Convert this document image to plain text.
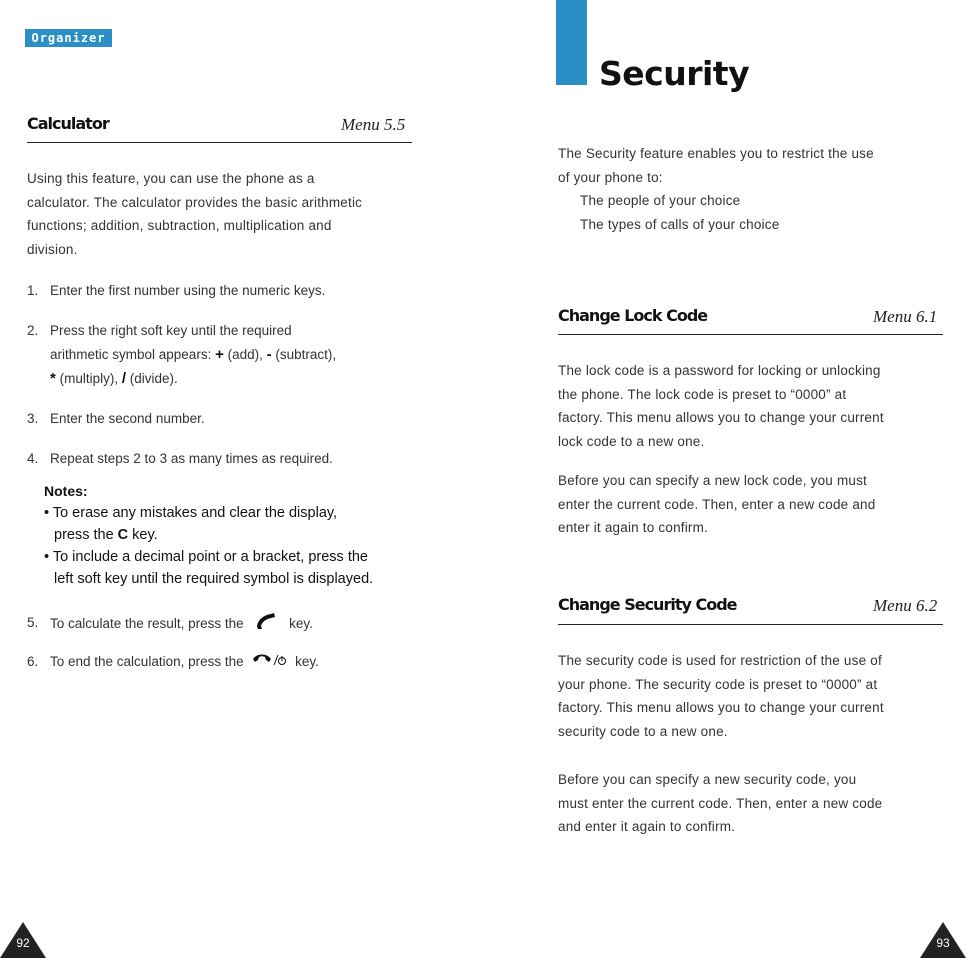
Organizer
Calculator	Menu 5.5
Using this feature, you can use the phone as a
calculator. The calculator provides the basic arithmetic
functions; addition, subtraction, multiplication and
division.
1. Enter the first number using the numeric keys.
2. Press the right soft key until the required
arithmetic symbol appears: + (add), - (subtract),
* (multiply), / (divide).
3. Enter the second number.
4. Repeat steps 2 to 3 as many times as required.
Notes:
• To erase any mistakes and clear the display,
press the C key.
• To include a decimal point or a bracket, press the
left soft key until the required symbol is displayed.
5. To calculate the result, press the	key.
6. To end the calculation, press the	key.
92
Security
The Security feature enables you to restrict the use
of your phone to:
The people of your choice
The types of calls of your choice
Change Lock Code	Menu 6.1
The lock code is a password for locking or unlocking
the phone. The lock code is preset to “0000” at
factory. This menu allows you to change your current
lock code to a new one.
Before you can specify a new lock code, you must
enter the current code. Then, enter a new code and
enter it again to confirm.
Change Security Code	Menu 6.2
The security code is used for restriction of the use of
your phone. The security code is preset to “0000” at
factory. This menu allows you to change your current
security code to a new one.
Before you can specify a new security code, you
must enter the current code. Then, enter a new code
and enter it again to confirm.
93
